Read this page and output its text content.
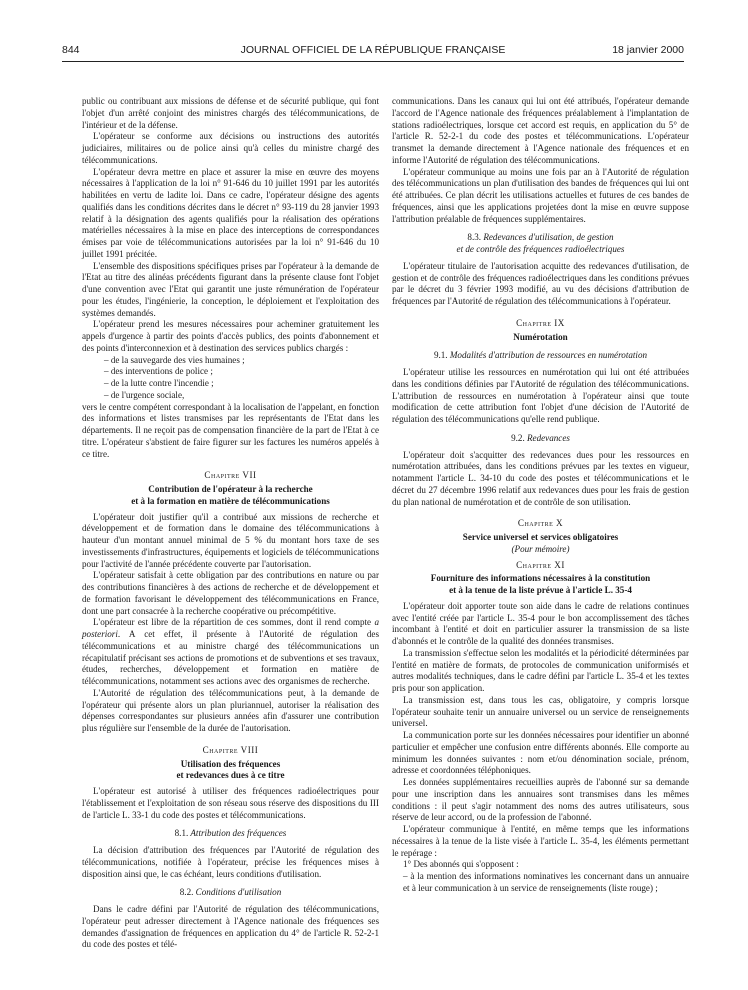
844	JOURNAL OFFICIEL DE LA RÉPUBLIQUE FRANÇAISE	18 janvier 2000

public ou contribuant aux missions de défense et de sécurité publique, qui font l'objet d'un arrêté conjoint des ministres chargés des télécommunications, de l'intérieur et de la défense.

L'opérateur se conforme aux décisions ou instructions des autorités judiciaires, militaires ou de police ainsi qu'à celles du ministre chargé des télécommunications.

L'opérateur devra mettre en place et assurer la mise en œuvre des moyens nécessaires à l'application de la loi n° 91-646 du 10 juillet 1991 par les autorités habilitées en vertu de ladite loi. Dans ce cadre, l'opérateur désigne des agents qualifiés dans les conditions décrites dans le décret n° 93-119 du 28 janvier 1993 relatif à la désignation des agents qualifiés pour la réalisation des opérations matérielles nécessaires à la mise en place des interceptions de correspondances émises par voie de télécommunications autorisées par la loi n° 91-646 du 10 juillet 1991 précitée.

L'ensemble des dispositions spécifiques prises par l'opérateur à la demande de l'Etat au titre des alinéas précédents figurant dans la présente clause font l'objet d'une convention avec l'Etat qui garantit une juste rémunération de l'opérateur pour les études, l'ingénierie, la conception, le déploiement et l'exploitation des systèmes demandés.

L'opérateur prend les mesures nécessaires pour acheminer gratuitement les appels d'urgence à partir des points d'accès publics, des points d'abonnement et des points d'interconnexion et à destination des services publics chargés :

– de la sauvegarde des vies humaines ;

– des interventions de police ;

– de la lutte contre l'incendie ;

– de l'urgence sociale,

vers le centre compétent correspondant à la localisation de l'appelant, en fonction des informations et listes transmises par les représentants de l'Etat dans les départements. Il ne reçoit pas de compensation financière de la part de l'Etat à ce titre. L'opérateur s'abstient de faire figurer sur les factures les numéros appelés à ce titre.

Chapitre VII
Contribution de l'opérateur à la recherche
et à la formation en matière de télécommunications

L'opérateur doit justifier qu'il a contribué aux missions de recherche et développement et de formation dans le domaine des télécommunications à hauteur d'un montant annuel minimal de 5 % du montant hors taxe de ses investissements d'infrastructures, équipements et logiciels de télécommunications pour l'activité de l'année précédente couverte par l'autorisation.

L'opérateur satisfait à cette obligation par des contributions en nature ou par des contributions financières à des actions de recherche et de développement et de formation favorisant le développement des télécommunications en France, dont une part consacrée à la recherche coopérative ou précompétitive.

L'opérateur est libre de la répartition de ces sommes, dont il rend compte a posteriori. A cet effet, il présente à l'Autorité de régulation des télécommunications et au ministre chargé des télécommunications un récapitulatif précisant ses actions de promotions et de subventions et ses travaux, études, recherches, développement et formation en matière de télécommunications, notamment ses actions avec des organismes de recherche.

L'Autorité de régulation des télécommunications peut, à la demande de l'opérateur qui présente alors un plan pluriannuel, autoriser la réalisation des dépenses correspondantes sur plusieurs années afin d'assurer une contribution plus régulière sur l'ensemble de la durée de l'autorisation.

Chapitre VIII
Utilisation des fréquences
et redevances dues à ce titre

L'opérateur est autorisé à utiliser des fréquences radioélectriques pour l'établissement et l'exploitation de son réseau sous réserve des dispositions du III de l'article L. 33-1 du code des postes et télécommunications.

8.1. Attribution des fréquences

La décision d'attribution des fréquences par l'Autorité de régulation des télécommunications, notifiée à l'opérateur, précise les fréquences mises à disposition ainsi que, le cas échéant, leurs conditions d'utilisation.

8.2. Conditions d'utilisation

Dans le cadre défini par l'Autorité de régulation des télécommunications, l'opérateur peut adresser directement à l'Agence nationale des fréquences ses demandes d'assignation de fréquences en application du 4° de l'article R. 52-2-1 du code des postes et télé-

communications. Dans les canaux qui lui ont été attribués, l'opérateur demande l'accord de l'Agence nationale des fréquences préalablement à l'implantation de stations radioélectriques, lorsque cet accord est requis, en application du 5° de l'article R. 52-2-1 du code des postes et télécommunications. L'opérateur transmet la demande directement à l'Agence nationale des fréquences et en informe l'Autorité de régulation des télécommunications.

L'opérateur communique au moins une fois par an à l'Autorité de régulation des télécommunications un plan d'utilisation des bandes de fréquences qui lui ont été attribuées. Ce plan décrit les utilisations actuelles et futures de ces bandes de fréquences, ainsi que les applications projetées dont la mise en œuvre suppose l'attribution préalable de fréquences supplémentaires.

8.3. Redevances d'utilisation, de gestion
et de contrôle des fréquences radioélectriques

L'opérateur titulaire de l'autorisation acquitte des redevances d'utilisation, de gestion et de contrôle des fréquences radioélectriques dans les conditions prévues par le décret du 3 février 1993 modifié, au vu des décisions d'attribution de fréquences par l'Autorité de régulation des télécommunications à l'opérateur.

Chapitre IX
Numérotation
9.1. Modalités d'attribution de ressources en numérotation

L'opérateur utilise les ressources en numérotation qui lui ont été attribuées dans les conditions définies par l'Autorité de régulation des télécommunications. L'attribution de ressources en numérotation à l'opérateur ainsi que toute modification de cette attribution font l'objet d'une décision de l'Autorité de régulation des télécommunications qu'elle rend publique.

9.2. Redevances

L'opérateur doit s'acquitter des redevances dues pour les ressources en numérotation attribuées, dans les conditions prévues par les textes en vigueur, notamment l'article L. 34-10 du code des postes et télécommunications et le décret du 27 décembre 1996 relatif aux redevances dues pour les frais de gestion du plan national de numérotation et de contrôle de son utilisation.

Chapitre X
Service universel et services obligatoires
(Pour mémoire)
Chapitre XI
Fourniture des informations nécessaires à la constitution
et à la tenue de la liste prévue à l'article L. 35-4

L'opérateur doit apporter toute son aide dans le cadre de relations continues avec l'entité créée par l'article L. 35-4 pour le bon accomplissement des tâches incombant à l'entité et doit en particulier assurer la transmission de sa liste d'abonnés et le contrôle de la qualité des données transmises.

La transmission s'effectue selon les modalités et la périodicité déterminées par l'entité en matière de formats, de protocoles de communication uniformisés et autres modalités techniques, dans le cadre défini par l'article L. 35-4 et les textes pris pour son application.

La transmission est, dans tous les cas, obligatoire, y compris lorsque l'opérateur souhaite tenir un annuaire universel ou un service de renseignements universel.

La communication porte sur les données nécessaires pour identifier un abonné particulier et empêcher une confusion entre différents abonnés. Elle comporte au minimum les données suivantes : nom et/ou dénomination sociale, prénom, adresse et coordonnées téléphoniques.

Les données supplémentaires recueillies auprès de l'abonné sur sa demande pour une inscription dans les annuaires sont transmises dans les mêmes conditions : il peut s'agir notamment des noms des autres utilisateurs, sous réserve de leur accord, ou de la profession de l'abonné.

L'opérateur communique à l'entité, en même temps que les informations nécessaires à la tenue de la liste visée à l'article L. 35-4, les éléments permettant le repérage :

1° Des abonnés qui s'opposent :

– à la mention des informations nominatives les concernant dans un annuaire et à leur communication à un service de renseignements (liste rouge) ;
